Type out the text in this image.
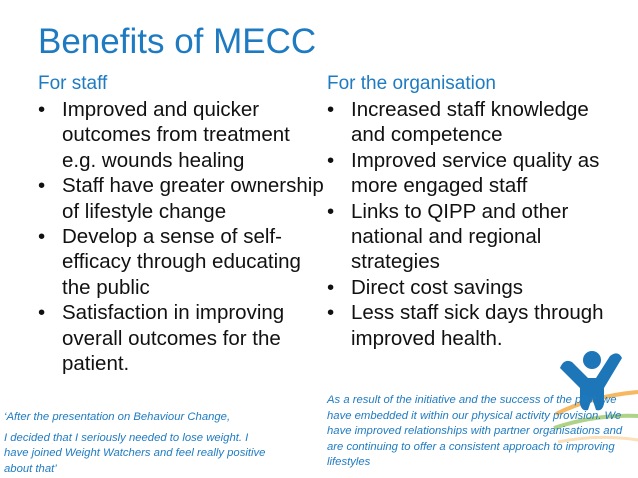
Benefits of MECC
For staff
• Improved and quicker outcomes from treatment e.g. wounds healing
• Staff have greater ownership of lifestyle change
• Develop a sense of self-efficacy through educating the public
• Satisfaction in improving overall outcomes for the patient.
For the organisation
• Increased staff knowledge and competence
• Improved service quality as more engaged staff
• Links to QIPP and other national and regional strategies
• Direct cost savings
• Less staff sick days through improved health.

‘After the presentation on Behaviour Change,

I decided that I seriously needed to lose weight. I have joined Weight Watchers and feel really positive about that’

As a result of the initiative and the success of the pilot, we have embedded it within our physical activity provision. We have improved relationships with partner organisations and are continuing to offer a consistent approach to improving lifestyles
